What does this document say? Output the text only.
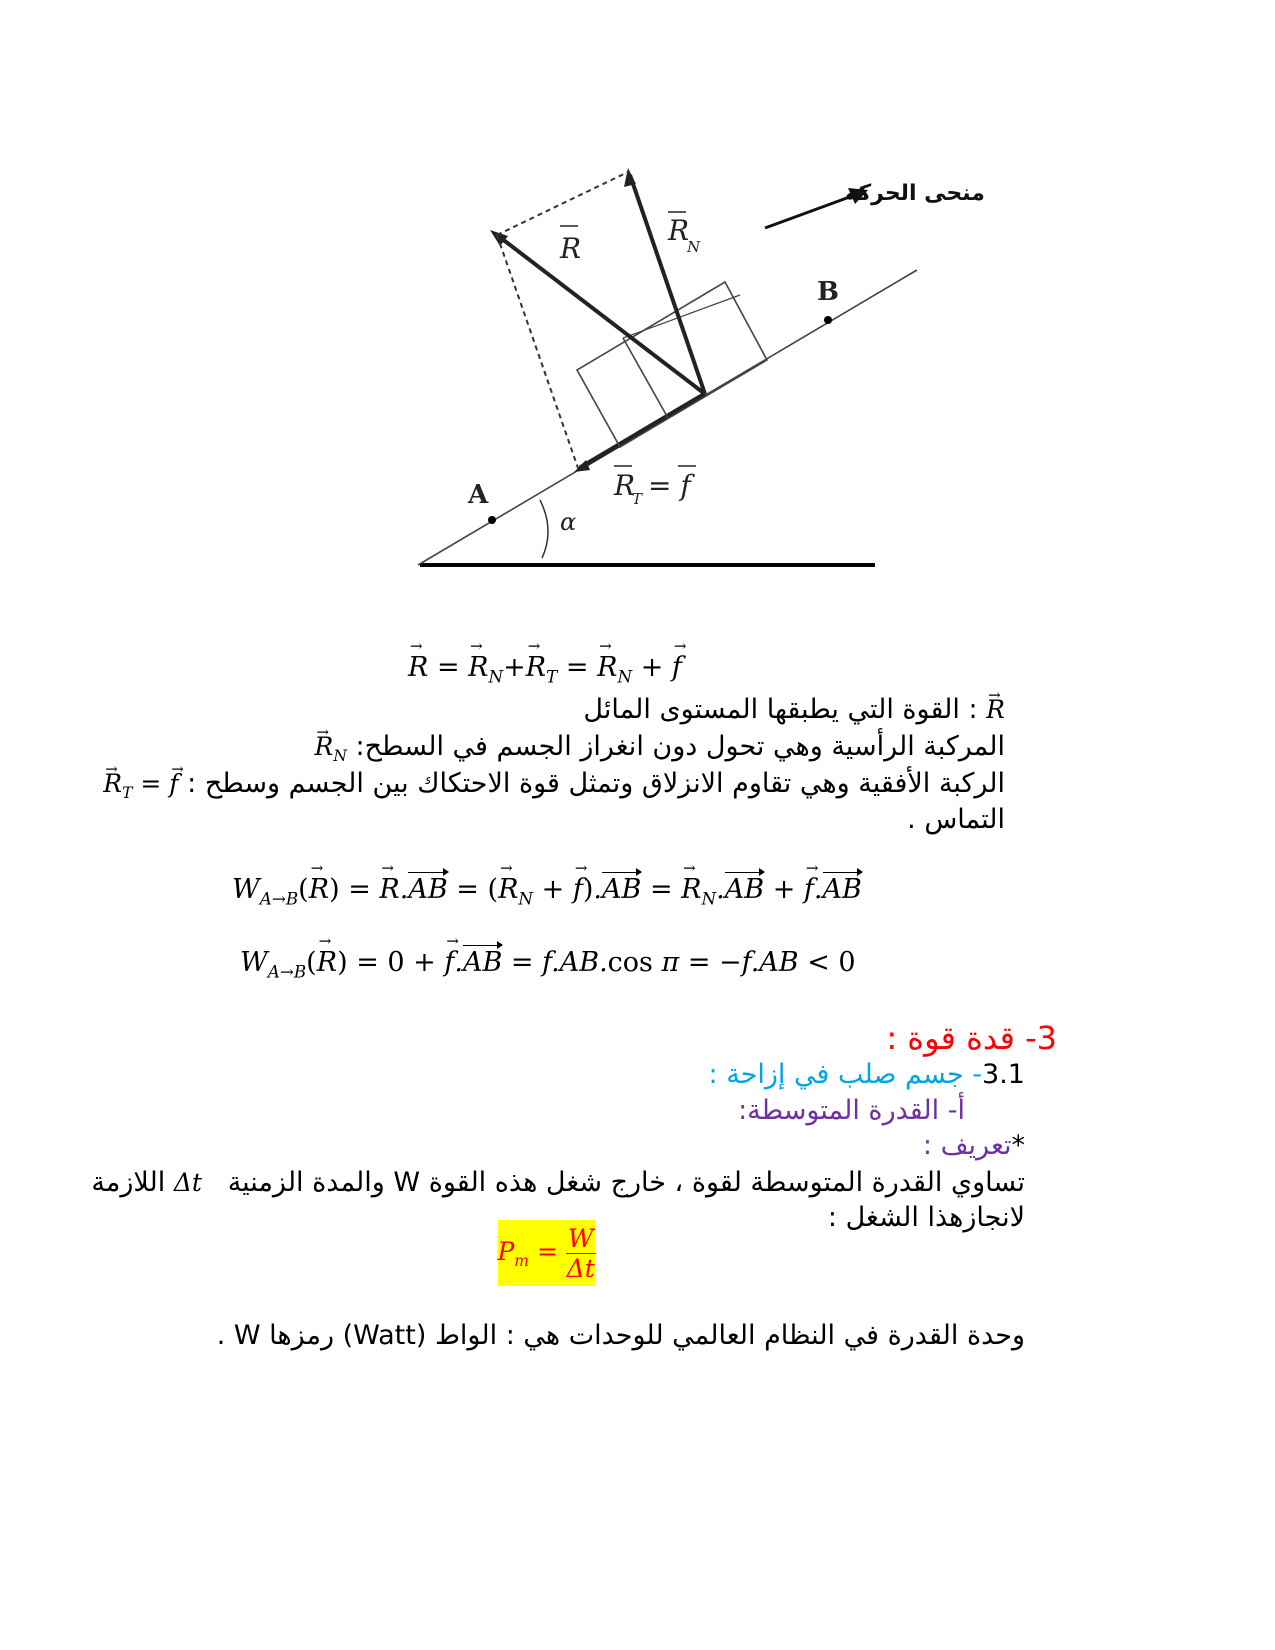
R
R
N
R
T = f
A
B
α
منحى الحركة
→ R = → $R_N+\to R_T$ = → $R_N$ + → f
→ R : القوة التي يطبقها المستوى المائل
→ $R_N$ :المركبة الرأسية وهي تحول دون انغراز الجسم في السطح
→ $R_T$ = → f : الركبة الأفقية وهي تقاوم الانزلاق وتمثل قوة الاحتكاك بين الجسم وسطح
التماس .
$W_{A\to B}(\to R)$ = → R.AB = (→ $R_N$ + → f).AB = → $R_N.AB$ + → f.AB
$W_{A\to B}(\to R) = 0$ + → f.AB = f.AB.cos π = −f.AB < 0
3- قدة قوة :
3.1- جسم صلب في إزاحة :
أ- القدرة المتوسطة:
*تعريف :
تساوي القدرة المتوسطة لقوة ، خارج شغل هذه القوة W والمدة الزمنية   Δt اللازمة
لانجازهذا الشغل :
$P_m = \frac{W}{\Delta t}$
وحدة القدرة في النظام العالمي للوحدات هي : الواط (Watt) رمزها W .
